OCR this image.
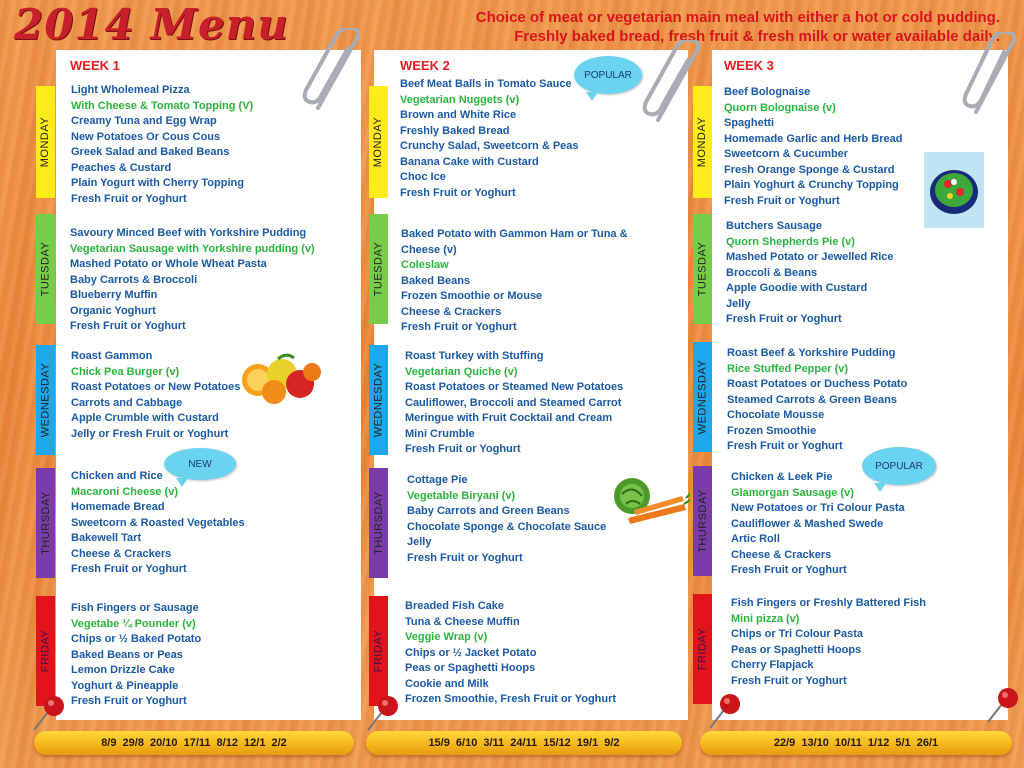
2014 Menu	Choice of meat or vegetarian main meal with either a hot or cold pudding.
Freshly baked bread, fresh fruit & fresh milk or water available daily.
WEEK 1	WEEK 2	WEEK 3
MONDAY
TUESDAY
WEDNESDAY
THURSDAY
FRIDAY
MONDAY
TUESDAY
WEDNESDAY
THURSDAY
FRIDAY
MONDAY
TUESDAY
WEDNESDAY
THURSDAY
FRIDAY
Light Wholemeal Pizza
With Cheese & Tomato Topping (V)
Creamy Tuna and Egg Wrap
New Potatoes Or Cous Cous
Greek Salad and Baked Beans
Peaches & Custard
Plain Yogurt with Cherry Topping
Fresh Fruit or Yoghurt
Savoury Minced Beef with Yorkshire Pudding
Vegetarian Sausage with Yorkshire pudding (v)
Mashed Potato or Whole Wheat Pasta
Baby Carrots & Broccoli
Blueberry Muffin
Organic Yoghurt
Fresh Fruit or Yoghurt
Roast Gammon
Chick Pea Burger (v)
Roast Potatoes or New Potatoes
Carrots and Cabbage
Apple Crumble with Custard
Jelly or Fresh Fruit or Yoghurt
Chicken and Rice
Macaroni Cheese (v)
Homemade Bread
Sweetcorn & Roasted Vegetables
Bakewell Tart
Cheese & Crackers
Fresh Fruit or Yoghurt
Fish Fingers or Sausage
Vegetabe ¼ Pounder (v)
Chips or ½ Baked Potato
Baked Beans or Peas
Lemon Drizzle Cake
Yoghurt & Pineapple
Fresh Fruit or Yoghurt
Beef Meat Balls in Tomato Sauce
Vegetarian Nuggets (v)
Brown and White Rice
Freshly Baked Bread
Crunchy Salad, Sweetcorn & Peas
Banana Cake with Custard
Choc Ice
Fresh Fruit or Yoghurt
Baked Potato with Gammon Ham or Tuna &
Cheese (v)
Coleslaw
Baked Beans
Frozen Smoothie or Mouse
Cheese & Crackers
Fresh Fruit or Yoghurt
Roast Turkey with Stuffing
Vegetarian Quiche (v)
Roast Potatoes or Steamed New Potatoes
Cauliflower, Broccoli and Steamed Carrot
Meringue with Fruit Cocktail and Cream
Mini Crumble
Fresh Fruit or Yoghurt
Cottage Pie
Vegetable Biryani (v)
Baby Carrots and Green Beans
Chocolate Sponge & Chocolate Sauce
Jelly
Fresh Fruit or Yoghurt
Breaded Fish Cake
Tuna & Cheese Muffin
Veggie Wrap (v)
Chips or ½ Jacket Potato
Peas or Spaghetti Hoops
Cookie and Milk
Frozen Smoothie, Fresh Fruit or Yoghurt
Beef Bolognaise
Quorn Bolognaise (v)
Spaghetti
Homemade Garlic and Herb Bread
Sweetcorn & Cucumber
Fresh Orange Sponge & Custard
Plain Yoghurt & Crunchy Topping
Fresh Fruit or Yoghurt
Butchers Sausage
Quorn Shepherds Pie (v)
Mashed Potato or Jewelled Rice
Broccoli & Beans
Apple Goodie with Custard
Jelly
Fresh Fruit or Yoghurt
Roast Beef & Yorkshire Pudding
Rice Stuffed Pepper (v)
Roast Potatoes or Duchess Potato
Steamed Carrots & Green Beans
Chocolate Mousse
Frozen Smoothie
Fresh Fruit or Yoghurt
Chicken & Leek Pie
Glamorgan Sausage (v)
New Potatoes or Tri Colour Pasta
Cauliflower & Mashed Swede
Artic Roll
Cheese & Crackers
Fresh Fruit or Yoghurt
Fish Fingers or Freshly Battered Fish
Mini pizza (v)
Chips or Tri Colour Pasta
Peas or Spaghetti Hoops
Cherry Flapjack
Fresh Fruit or Yoghurt
POPULAR
NEW	POPULAR
8/9 29/8 20/10 17/11 8/12 12/1 2/2	15/9 6/10 3/11 24/11 15/12 19/1 9/2	22/9 13/10 10/11 1/12 5/1 26/1
